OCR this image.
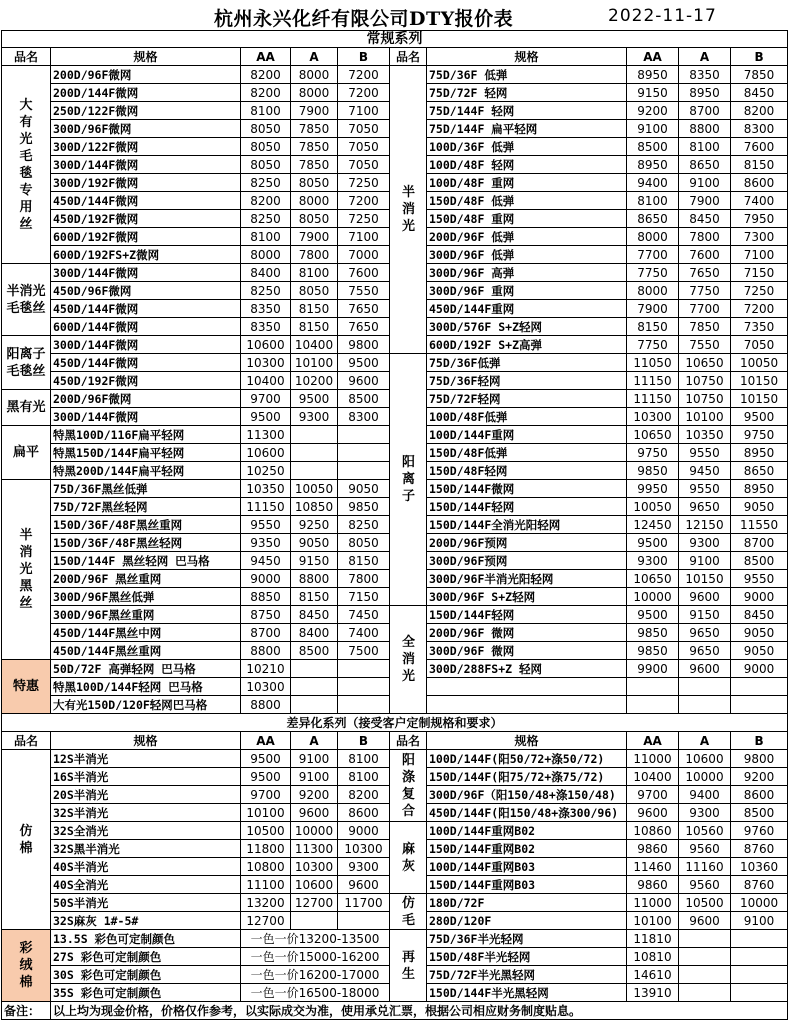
杭州永兴化纤有限公司DTY报价表	2022-11-17
常规系列									
品名	规格	AA	A	B	品名	规格	AA	A	B
大有光毛毯专用丝	200D/96F微网	8200	8000	7200	半消光	75D/36F 低弹	8950	8350	7850
	200D/144F微网	8200	8000	7200		75D/72F 轻网	9150	8950	8450
	250D/122F微网	8100	7900	7100		75D/144F 轻网	9200	8700	8200
	300D/96F微网	8050	7850	7050		75D/144F 扁平轻网	9100	8800	8300
	300D/122F微网	8050	7850	7050		100D/36F 低弹	8500	8100	7600
	300D/144F微网	8050	7850	7050		100D/48F 轻网	8950	8650	8150
	300D/192F微网	8250	8050	7250		100D/48F 重网	9400	9100	8600
	450D/144F微网	8200	8000	7200		150D/48F 低弹	8100	7900	7400
	450D/192F微网	8250	8050	7250		150D/48F 重网	8650	8450	7950
	600D/192F微网	8100	7900	7100		200D/96F 低弹	8000	7800	7300
	600D/192FS+Z微网	8000	7800	7000		300D/96F 低弹	7700	7600	7100
半消光毛毯丝	300D/144F微网	8400	8100	7600		300D/96F 高弹	7750	7650	7150
	450D/96F微网	8250	8050	7550		300D/96F 重网	8000	7750	7250
	450D/144F微网	8350	8150	7650		450D/144F重网	7900	7700	7200
	600D/144F微网	8350	8150	7650		300D/576F S+Z轻网	8150	7850	7350
阳离子毛毯丝	300D/144F微网	10600	10400	9800		600D/192F S+Z高弹	7750	7550	7050
	450D/144F微网	10300	10100	9500	阳离子	75D/36F低弹	11050	10650	10050
	450D/192F微网	10400	10200	9600		75D/36F轻网	11150	10750	10150
黑有光	200D/96F微网	9700	9500	8500		75D/72F轻网	11150	10750	10150
	300D/144F微网	9500	9300	8300		100D/48F低弹	10300	10100	9500
扁平	特黑100D/116F扁平轻网	11300				100D/144F重网	10650	10350	9750
	特黑150D/144F扁平轻网	10600				150D/48F低弹	9750	9550	8950
	特黑200D/144F扁平轻网	10250				150D/48F轻网	9850	9450	8650
半消光黑丝	75D/36F黑丝低弹	10350	10050	9050		150D/144F微网	9950	9550	8950
	75D/72F黑丝轻网	11150	10850	9850		150D/144F轻网	10050	9650	9050
	150D/36F/48F黑丝重网	9550	9250	8250		150D/144F全消光阳轻网	12450	12150	11550
	150D/36F/48F黑丝轻网	9350	9050	8050		200D/96F预网	9500	9300	8700
	150D/144F 黑丝轻网 巴马格	9450	9150	8150		300D/96F预网	9300	9100	8500
	200D/96F 黑丝重网	9000	8800	7800		300D/96F半消光阳轻网	10650	10150	9550
	300D/96F黑丝低弹	8850	8150	7150		300D/96F S+Z轻网	10000	9600	9000
	300D/96F黑丝重网	8750	8450	7450	全消光	150D/144F轻网	9500	9150	8450
	450D/144F黑丝中网	8700	8400	7400		200D/96F 微网	9850	9650	9050
	450D/144F黑丝重网	8800	8500	7500		300D/96F 微网	9850	9650	9050
特惠	50D/72F 高弹轻网 巴马格	10210				300D/288FS+Z 轻网	9900	9600	9000
	特黑100D/144F轻网 巴马格	10300							
	大有光150D/120F轻网巴马格	8800							
差异化系列（接受客户定制规格和要求）									
品名	规格	AA	A	B	品名	规格	AA	A	B
仿棉	12S半消光	9500	9100	8100	阳涤复合	100D/144F(阳50/72+涤50/72)	11000	10600	9800
	16S半消光	9500	9100	8100		150D/144F(阳75/72+涤75/72)	10400	10000	9200
	20S半消光	9700	9200	8200		300D/96F（阳150/48+涤150/48)	9700	9400	8600
	32S半消光	10100	9600	8600		450D/144F(阳150/48+涤300/96)	9600	9300	8500
	32S全消光	10500	10000	9000	麻灰	100D/144F重网B02	10860	10560	9760
	32S黑半消光	11800	11300	10300		150D/144F重网B02	9860	9560	8760
	40S半消光	10800	10300	9300		100D/144F重网B03	11460	11160	10360
	40S全消光	11100	10600	9600		150D/144F重网B03	9860	9560	8760
	50S半消光	13200	12700	11700	仿毛	180D/72F	11000	10500	10000
	32S麻灰 1#-5#	12700				280D/120F	10100	9600	9100
彩绒棉	13.5S 彩色可定制颜色	一色一价13200-13500			再生	75D/36F半光轻网	11810		
	27S 彩色可定制颜色	一色一价15000-16200				150D/48F半光轻网	10810		
	30S 彩色可定制颜色	一色一价16200-17000				75D/72F半光黑轻网	14610		
	35S 彩色可定制颜色	一色一价16500-18000				150D/144F半光黑轻网	13910		
备注：	以上均为现金价格，价格仅作参考，以实际成交为准，使用承兑汇票，根据公司相应财务制度贴息。								
